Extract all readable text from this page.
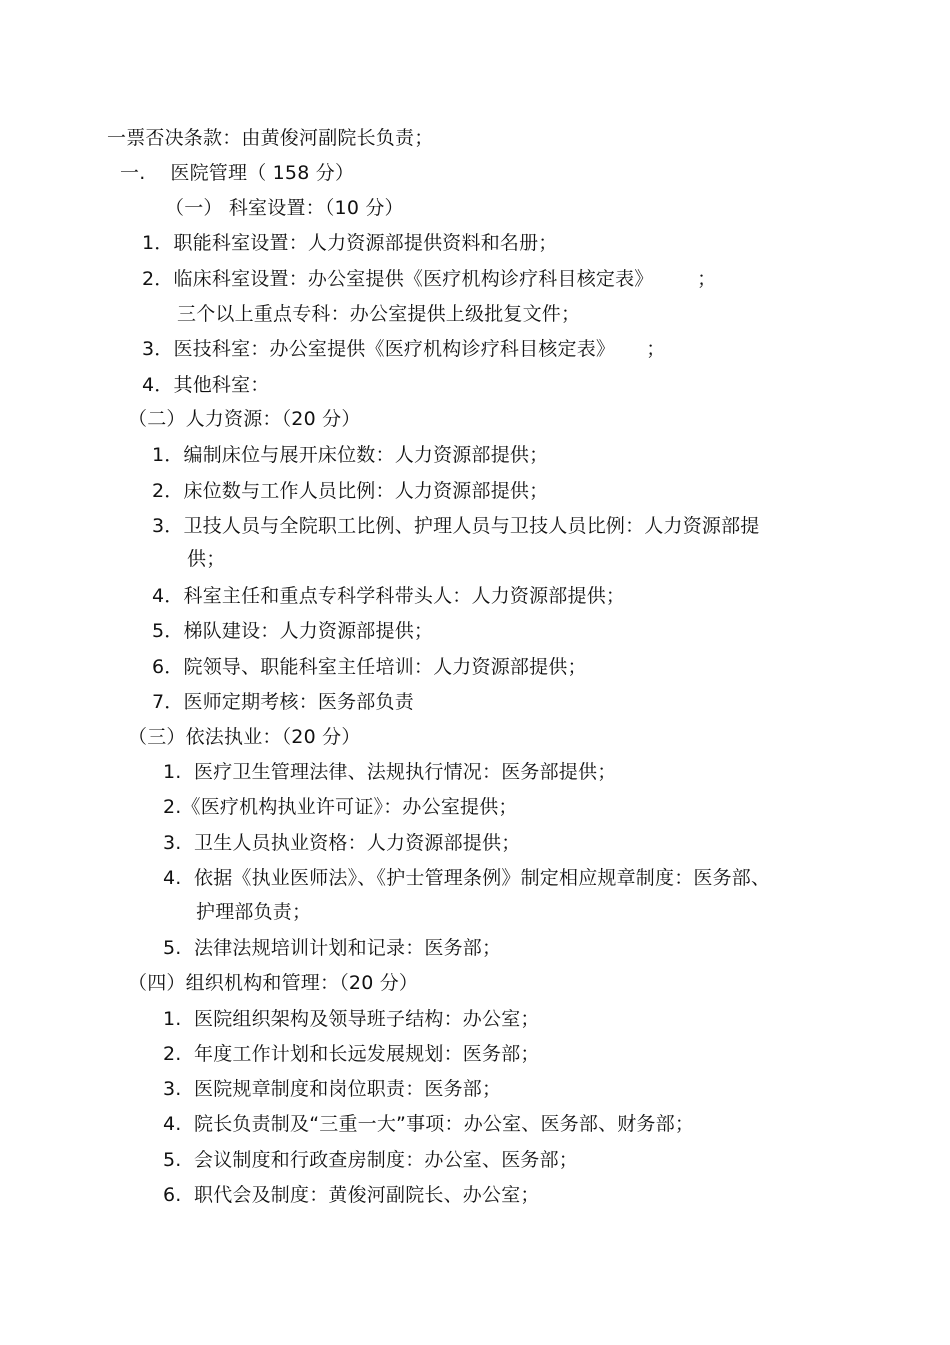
一票否决条款：由黄俊河副院长负责；
一.    医院管理（ 158 分）
（一） 科室设置：（10 分）
1．职能科室设置：人力资源部提供资料和名册；
2．临床科室设置：办公室提供《医疗机构诊疗科目核定表》       ；
三个以上重点专科：办公室提供上级批复文件；
3．医技科室：办公室提供《医疗机构诊疗科目核定表》     ；
4．其他科室：
（二）人力资源：（20 分）
1．编制床位与展开床位数：人力资源部提供；
2．床位数与工作人员比例：人力资源部提供；
3．卫技人员与全院职工比例、护理人员与卫技人员比例：人力资源部提
供；
4．科室主任和重点专科学科带头人：人力资源部提供；
5．梯队建设：人力资源部提供；
6．院领导、职能科室主任培训：人力资源部提供；
7．医师定期考核：医务部负责
（三）依法执业：（20 分）
1.  医疗卫生管理法律、法规执行情况：医务部提供；
2.《医疗机构执业许可证》：办公室提供；
3.  卫生人员执业资格：人力资源部提供；
4.  依据《执业医师法》、《护士管理条例》制定相应规章制度：医务部、
护理部负责；
5.  法律法规培训计划和记录：医务部；
（四）组织机构和管理：（20 分）
1.  医院组织架构及领导班子结构：办公室；
2.  年度工作计划和长远发展规划：医务部；
3.  医院规章制度和岗位职责：医务部；
4.  院长负责制及“三重一大”事项：办公室、医务部、财务部；
5.  会议制度和行政查房制度：办公室、医务部；
6.  职代会及制度：黄俊河副院长、办公室；
